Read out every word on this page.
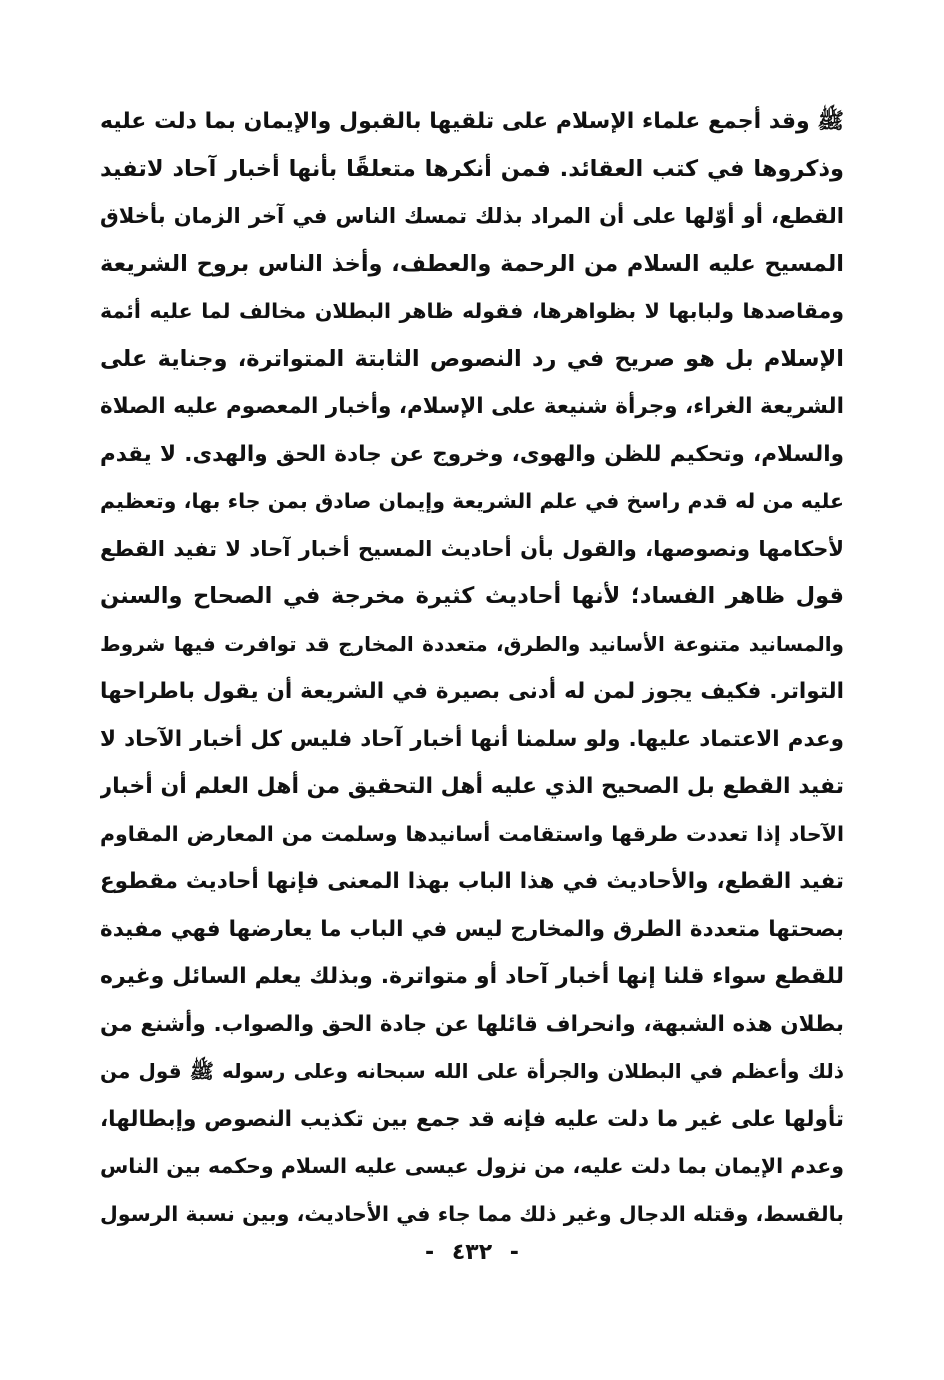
ﷺ وقد أجمع علماء الإسلام على تلقيها بالقبول والإيمان بما دلت عليه
وذكروها في كتب العقائد. فمن أنكرها متعلقًا بأنها أخبار آحاد لاتفيد
القطع، أو أوّلها على أن المراد بذلك تمسك الناس في آخر الزمان بأخلاق
المسيح عليه السلام من الرحمة والعطف، وأخذ الناس بروح الشريعة
ومقاصدها ولبابها لا بظواهرها، فقوله ظاهر البطلان مخالف لما عليه أئمة
الإسلام بل هو صريح في رد النصوص الثابتة المتواترة، وجناية على
الشريعة الغراء، وجرأة شنيعة على الإسلام، وأخبار المعصوم عليه الصلاة
والسلام، وتحكيم للظن والهوى، وخروج عن جادة الحق والهدى. لا يقدم
عليه من له قدم راسخ في علم الشريعة وإيمان صادق بمن جاء بها، وتعظيم
لأحكامها ونصوصها، والقول بأن أحاديث المسيح أخبار آحاد لا تفيد القطع
قول ظاهر الفساد؛ لأنها أحاديث كثيرة مخرجة في الصحاح والسنن
والمسانيد متنوعة الأسانيد والطرق، متعددة المخارج قد توافرت فيها شروط
التواتر. فكيف يجوز لمن له أدنى بصيرة في الشريعة أن يقول باطراحها
وعدم الاعتماد عليها. ولو سلمنا أنها أخبار آحاد فليس كل أخبار الآحاد لا
تفيد القطع بل الصحيح الذي عليه أهل التحقيق من أهل العلم أن أخبار
الآحاد إذا تعددت طرقها واستقامت أسانيدها وسلمت من المعارض المقاوم
تفيد القطع، والأحاديث في هذا الباب بهذا المعنى فإنها أحاديث مقطوع
بصحتها متعددة الطرق والمخارج ليس في الباب ما يعارضها فهي مفيدة
للقطع سواء قلنا إنها أخبار آحاد أو متواترة. وبذلك يعلم السائل وغيره
بطلان هذه الشبهة، وانحراف قائلها عن جادة الحق والصواب. وأشنع من
ذلك وأعظم في البطلان والجرأة على الله سبحانه وعلى رسوله ﷺ قول من
تأولها على غير ما دلت عليه فإنه قد جمع بين تكذيب النصوص وإبطالها،
وعدم الإيمان بما دلت عليه، من نزول عيسى عليه السلام وحكمه بين الناس
بالقسط، وقتله الدجال وغير ذلك مما جاء في الأحاديث، وبين نسبة الرسول
- ٤٣٢ -
